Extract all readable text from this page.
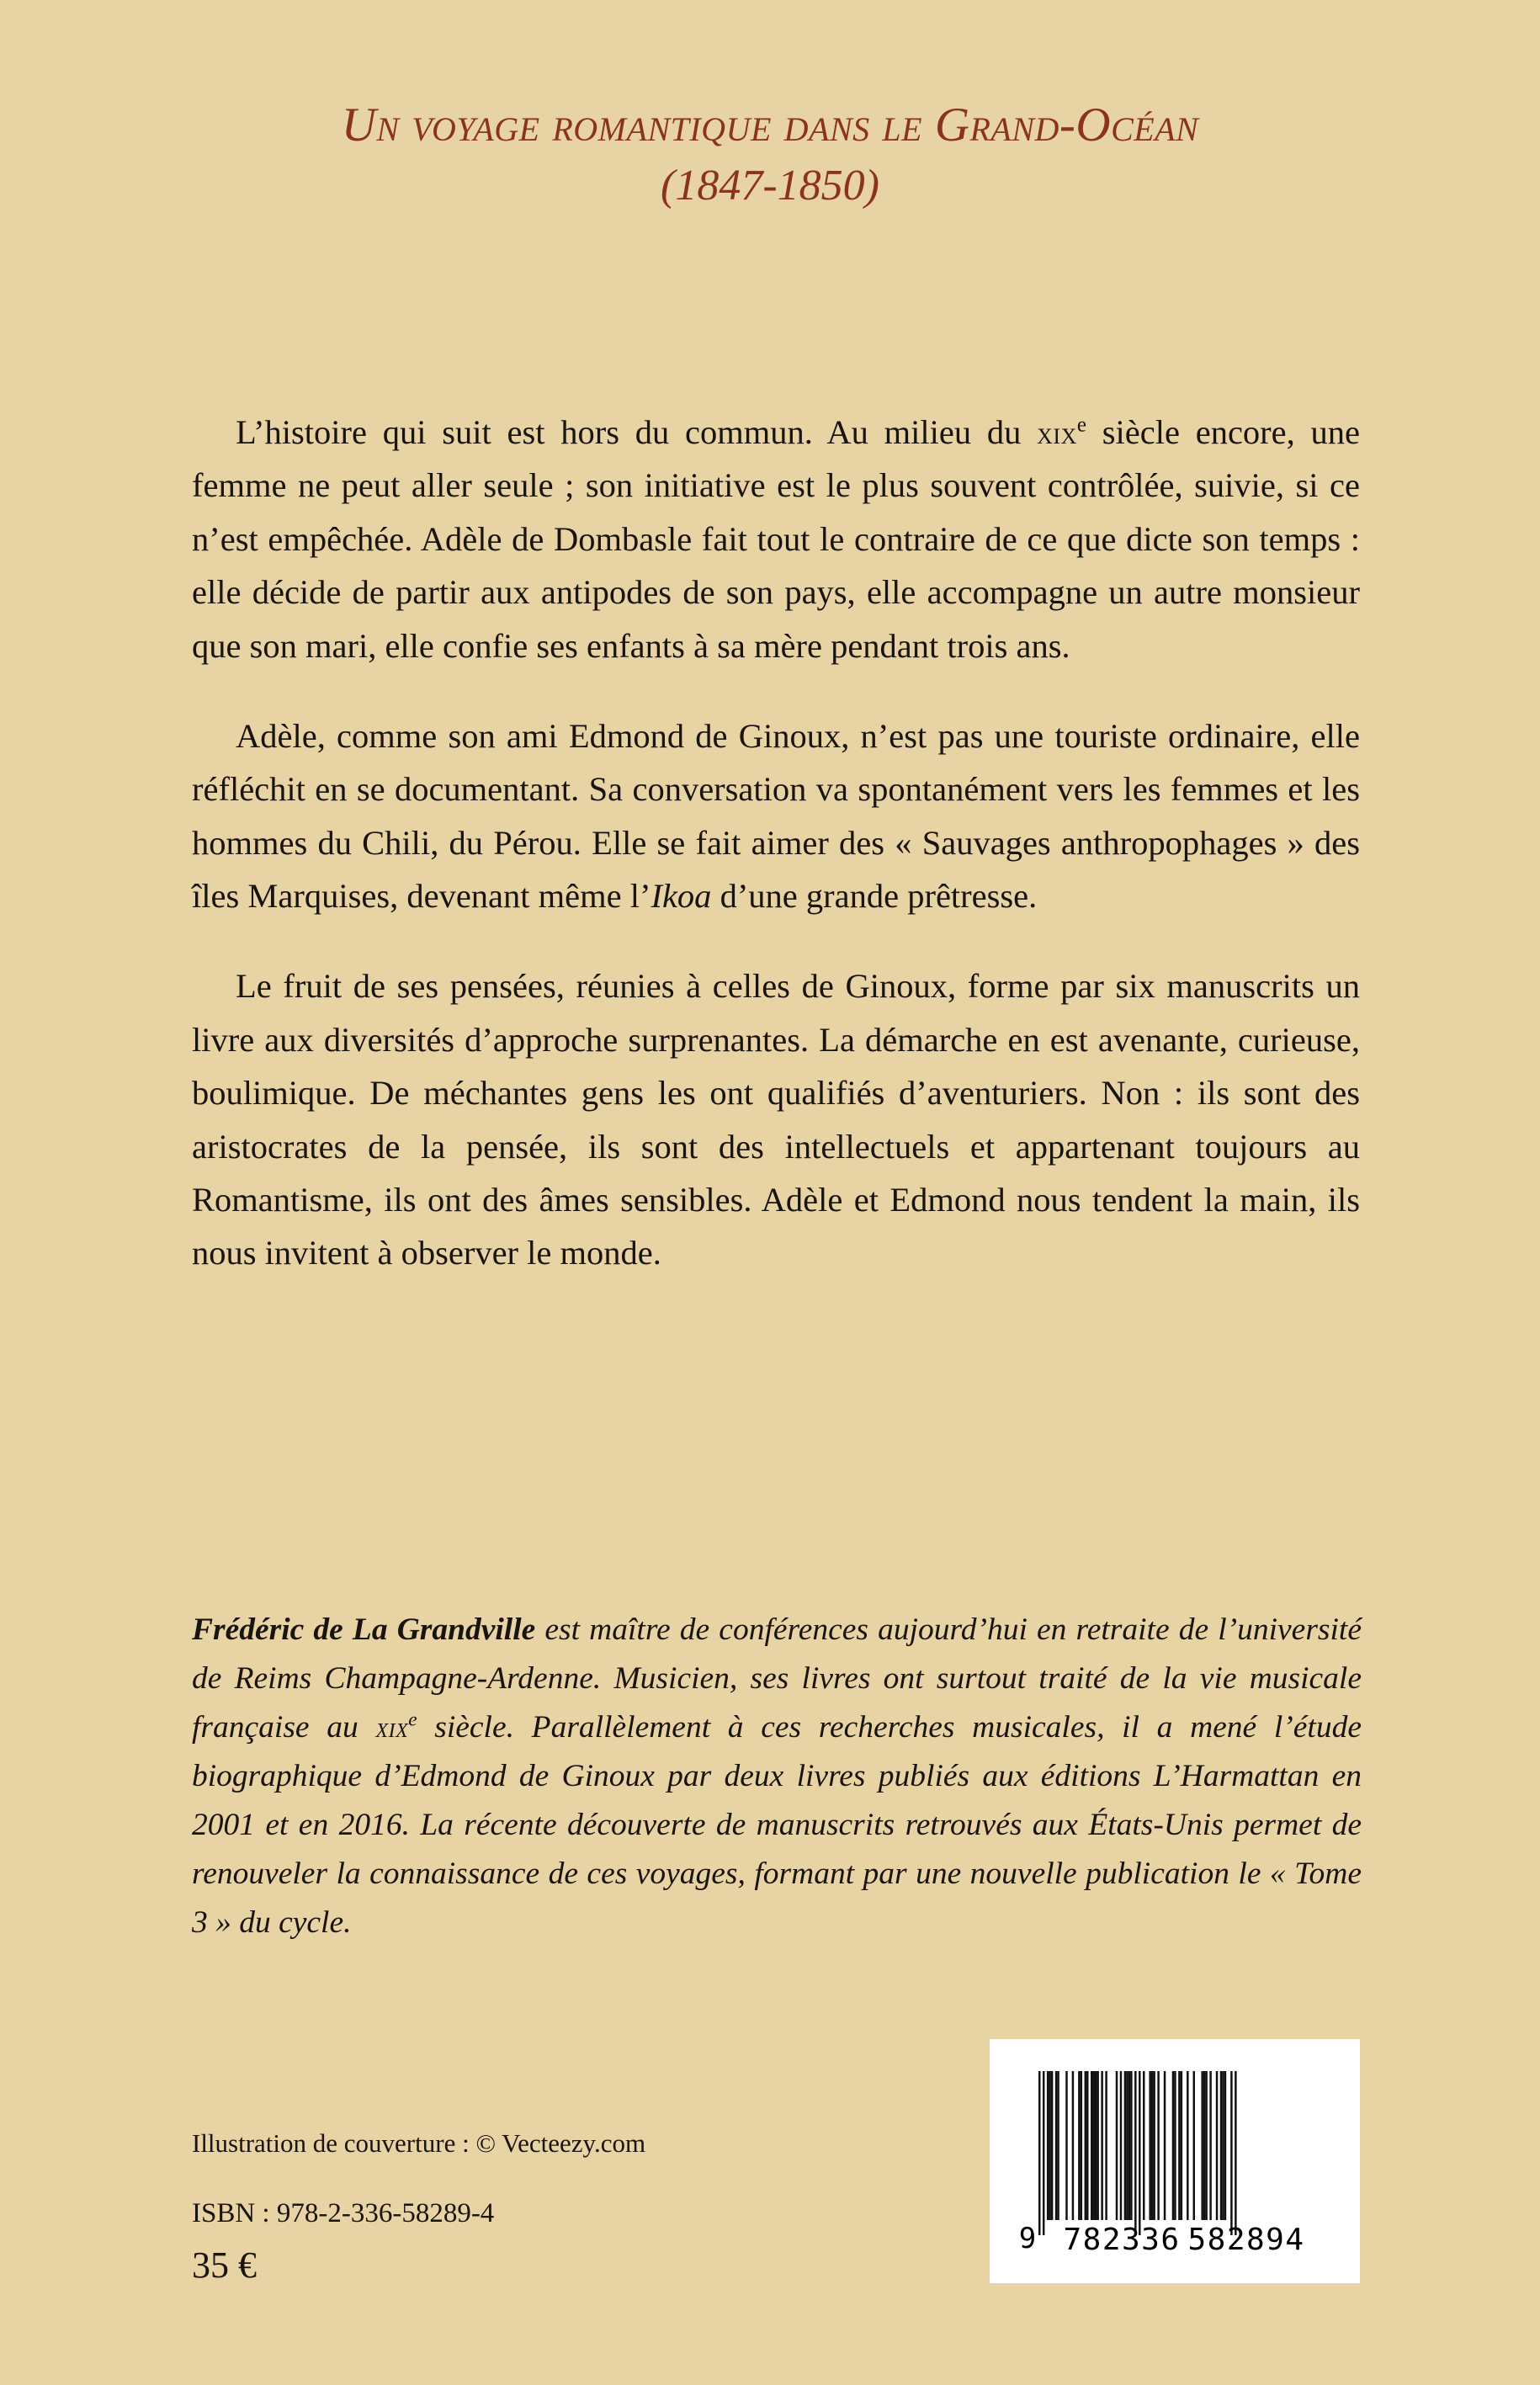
Un voyage romantique dans le Grand-Océan
(1847-1850)

L’histoire qui suit est hors du commun. Au milieu du xix$^e$ siècle encore, une femme ne peut aller seule ; son initiative est le plus souvent contrôlée, suivie, si ce n’est empêchée. Adèle de Dombasle fait tout le contraire de ce que dicte son temps : elle décide de partir aux antipodes de son pays, elle accompagne un autre monsieur que son mari, elle confie ses enfants à sa mère pendant trois ans.

Adèle, comme son ami Edmond de Ginoux, n’est pas une touriste ordinaire, elle réfléchit en se documentant. Sa conversation va spontanément vers les femmes et les hommes du Chili, du Pérou. Elle se fait aimer des « Sauvages anthropophages » des îles Marquises, devenant même l’Ikoa d’une grande prêtresse.

Le fruit de ses pensées, réunies à celles de Ginoux, forme par six manuscrits un livre aux diversités d’approche surprenantes. La démarche en est avenante, curieuse, boulimique. De méchantes gens les ont qualifiés d’aventuriers. Non : ils sont des aristocrates de la pensée, ils sont des intellectuels et appartenant toujours au Romantisme, ils ont des âmes sensibles. Adèle et Edmond nous tendent la main, ils nous invitent à observer le monde.

Frédéric de La Grandville est maître de conférences aujourd’hui en retraite de l’université de Reims Champagne-Ardenne. Musicien, ses livres ont surtout traité de la vie musicale française au xix$^e$ siècle. Parallèlement à ces recherches musicales, il a mené l’étude biographique d’Edmond de Ginoux par deux livres publiés aux éditions L’Harmattan en 2001 et en 2016. La récente découverte de manuscrits retrouvés aux États-Unis permet de renouveler la connaissance de ces voyages, formant par une nouvelle publication le « Tome 3 » du cycle.

Illustration de couverture : © Vecteezy.com

ISBN : 978-2-336-58289-4

35 €

9 782336 582894
